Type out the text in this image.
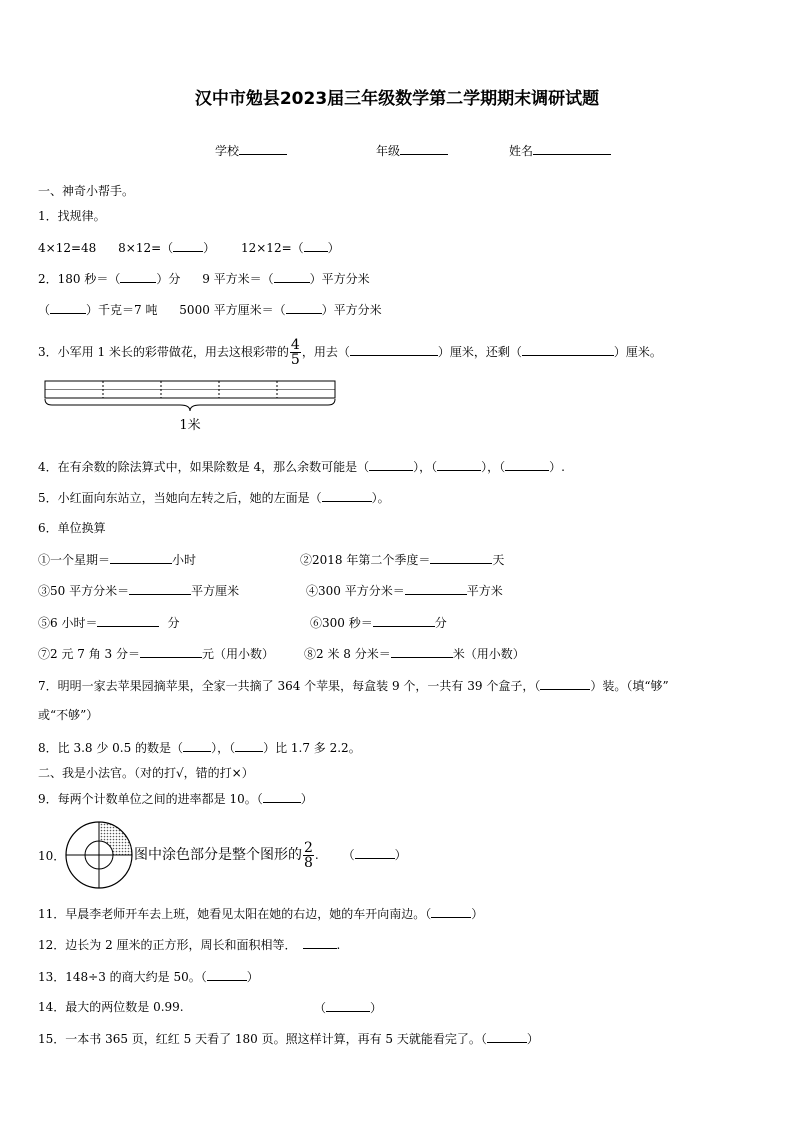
汉中市勉县2023届三年级数学第二学期期末调研试题
学校	年级	姓名
一、神奇小帮手。
1．找规律。
4×12=48 8×12=（	） 12×12=（ ）
2．180 秒＝（	）分 9 平方米＝（	）平方分米
（	）千克＝7 吨 5000 平方厘米＝（	）平方分米
3．小军用 1 米长的彩带做花，用去这根彩带的 $\frac{4}{5}$ ，用去（	）厘米，还剩（	）厘米。
1米
4．在有余数的除法算式中，如果除数是 4，那么余数可能是（	），（	），（	）.
5．小红面向东站立，当她向左转之后，她的左面是（	）。
6．单位换算
①一个星期＝	小时	②2018 年第二个季度＝	天
③50 平方分米＝	平方厘米	④300 平方分米＝	平方米
⑤6 小时＝	分	⑥300 秒＝	分
⑦2 元 7 角 3 分＝	元（用小数）	⑧2 米 8 分米＝	米（用小数）
7．明明一家去苹果园摘苹果，全家一共摘了 364 个苹果，每盒装 9 个，一共有 39 个盒子，（	）装。（填“够”
或“不够”）
8．比 3.8 少 0.5 的数是（ ），（ ）比 1.7 多 2.2。
二、我是小法官。（对的打√，错的打×）
9．每两个计数单位之间的进率都是 10。（	）
10．	图中涂色部分是整个图形的 $\frac{2}{8}$ . （	）
11．早晨李老师开车去上班，她看见太阳在她的右边，她的车开向南边。（	）
12．边长为 2 厘米的正方形，周长和面积相等．	.
13．148÷3 的商大约是 50。（	）
14．最大的两位数是 0.99.	（	）
15．一本书 365 页，红红 5 天看了 180 页。照这样计算，再有 5 天就能看完了。（	）
